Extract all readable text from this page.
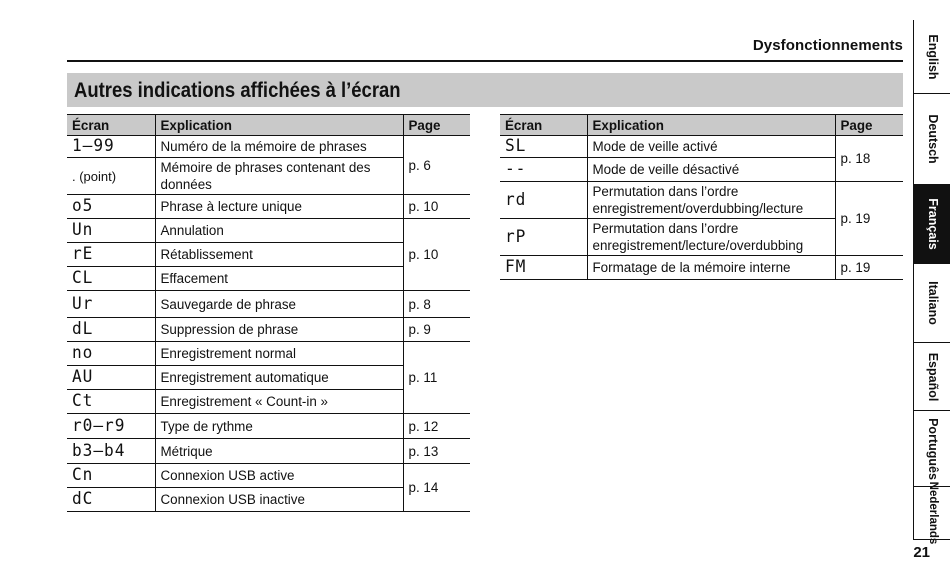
Dysfonctionnements
Autres indications affichées à l’écran
Écran	Explication	Page
1–99	Numéro de la mémoire de phrases	p. 6
. (point)	Mémoire de phrases contenant des données	
o5	Phrase à lecture unique	p. 10
Un	Annulation	p. 10
rE	Rétablissement	
CL	Effacement	
Ur	Sauvegarde de phrase	p. 8
dL	Suppression de phrase	p. 9
no	Enregistrement normal	p. 11
AU	Enregistrement automatique	
Ct	Enregistrement « Count-in »	
r0–r9	Type de rythme	p. 12
b3–b4	Métrique	p. 13
Cn	Connexion USB active	p. 14
dC	Connexion USB inactive	
Écran	Explication	Page
SL	Mode de veille activé	p. 18
--	Mode de veille désactivé	
rd	Permutation dans l’ordre enregistrement/overdubbing/lecture	p. 19
rP	Permutation dans l’ordre enregistrement/lecture/overdubbing	
FM	Formatage de la mémoire interne	p. 19
English
Deutsch
Français
Italiano
Español
Português
Nederlands
21
